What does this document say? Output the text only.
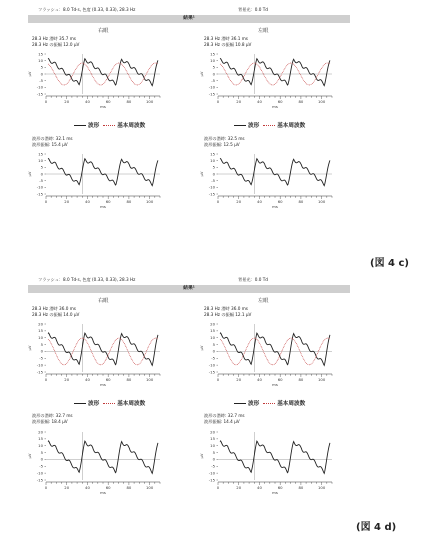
フラッシュ：8.0 Td·s, 色度 (0.33, 0.33), 28.3 Hz	背景光：0.0 Td
結果¹
右眼	左眼
28.3 Hz 潜時 35.7 ms
28.3 Hz の振幅 12.0 μV
28.3 Hz 潜時 36.1 ms
28.3 Hz の振幅 10.8 μV
15
10
5
0
-5
-10
-15
μV
0	20	40	60	80	100
ms
15
10
5
0
-5
-10
-15
μV
0	20	40	60	80	100
ms
波形	基本周波数	波形	基本周波数
波形の潜時: 32.1 ms
波形振幅: 15.4 μV
波形の潜時: 32.5 ms
波形振幅: 12.5 μV
15
10
5
0
-5
-10
-15
μV
0	20	40	60	80	100
ms
15
10
5
0
-5
-10
-15
μV
0	20	40	60	80	100
ms
(図 4 c)
フラッシュ：8.0 Td·s, 色度 (0.33, 0.33), 28.3 Hz	背景光：0.0 Td
結果¹
右眼	左眼
28.3 Hz 潜時 36.0 ms
28.3 Hz の振幅 14.0 μV
28.3 Hz 潜時 36.0 ms
28.3 Hz の振幅 12.1 μV
20
15
10
5
0
-5
-10
-15
μV
0	20	40	60	80	100
ms
20
15
10
5
0
-5
-10
-15
μV
0	20	40	60	80	100
ms
波形	基本周波数	波形	基本周波数
波形の潜時: 32.7 ms
波形振幅: 18.4 μV
波形の潜時: 32.7 ms
波形振幅: 14.4 μV
20
15
10
5
0
-5
-10
-15
μV
0	20	40	60	80	100
ms
20
15
10
5
0
-5
-10
-15
μV
0	20	40	60	80	100
ms
(図 4 d)
